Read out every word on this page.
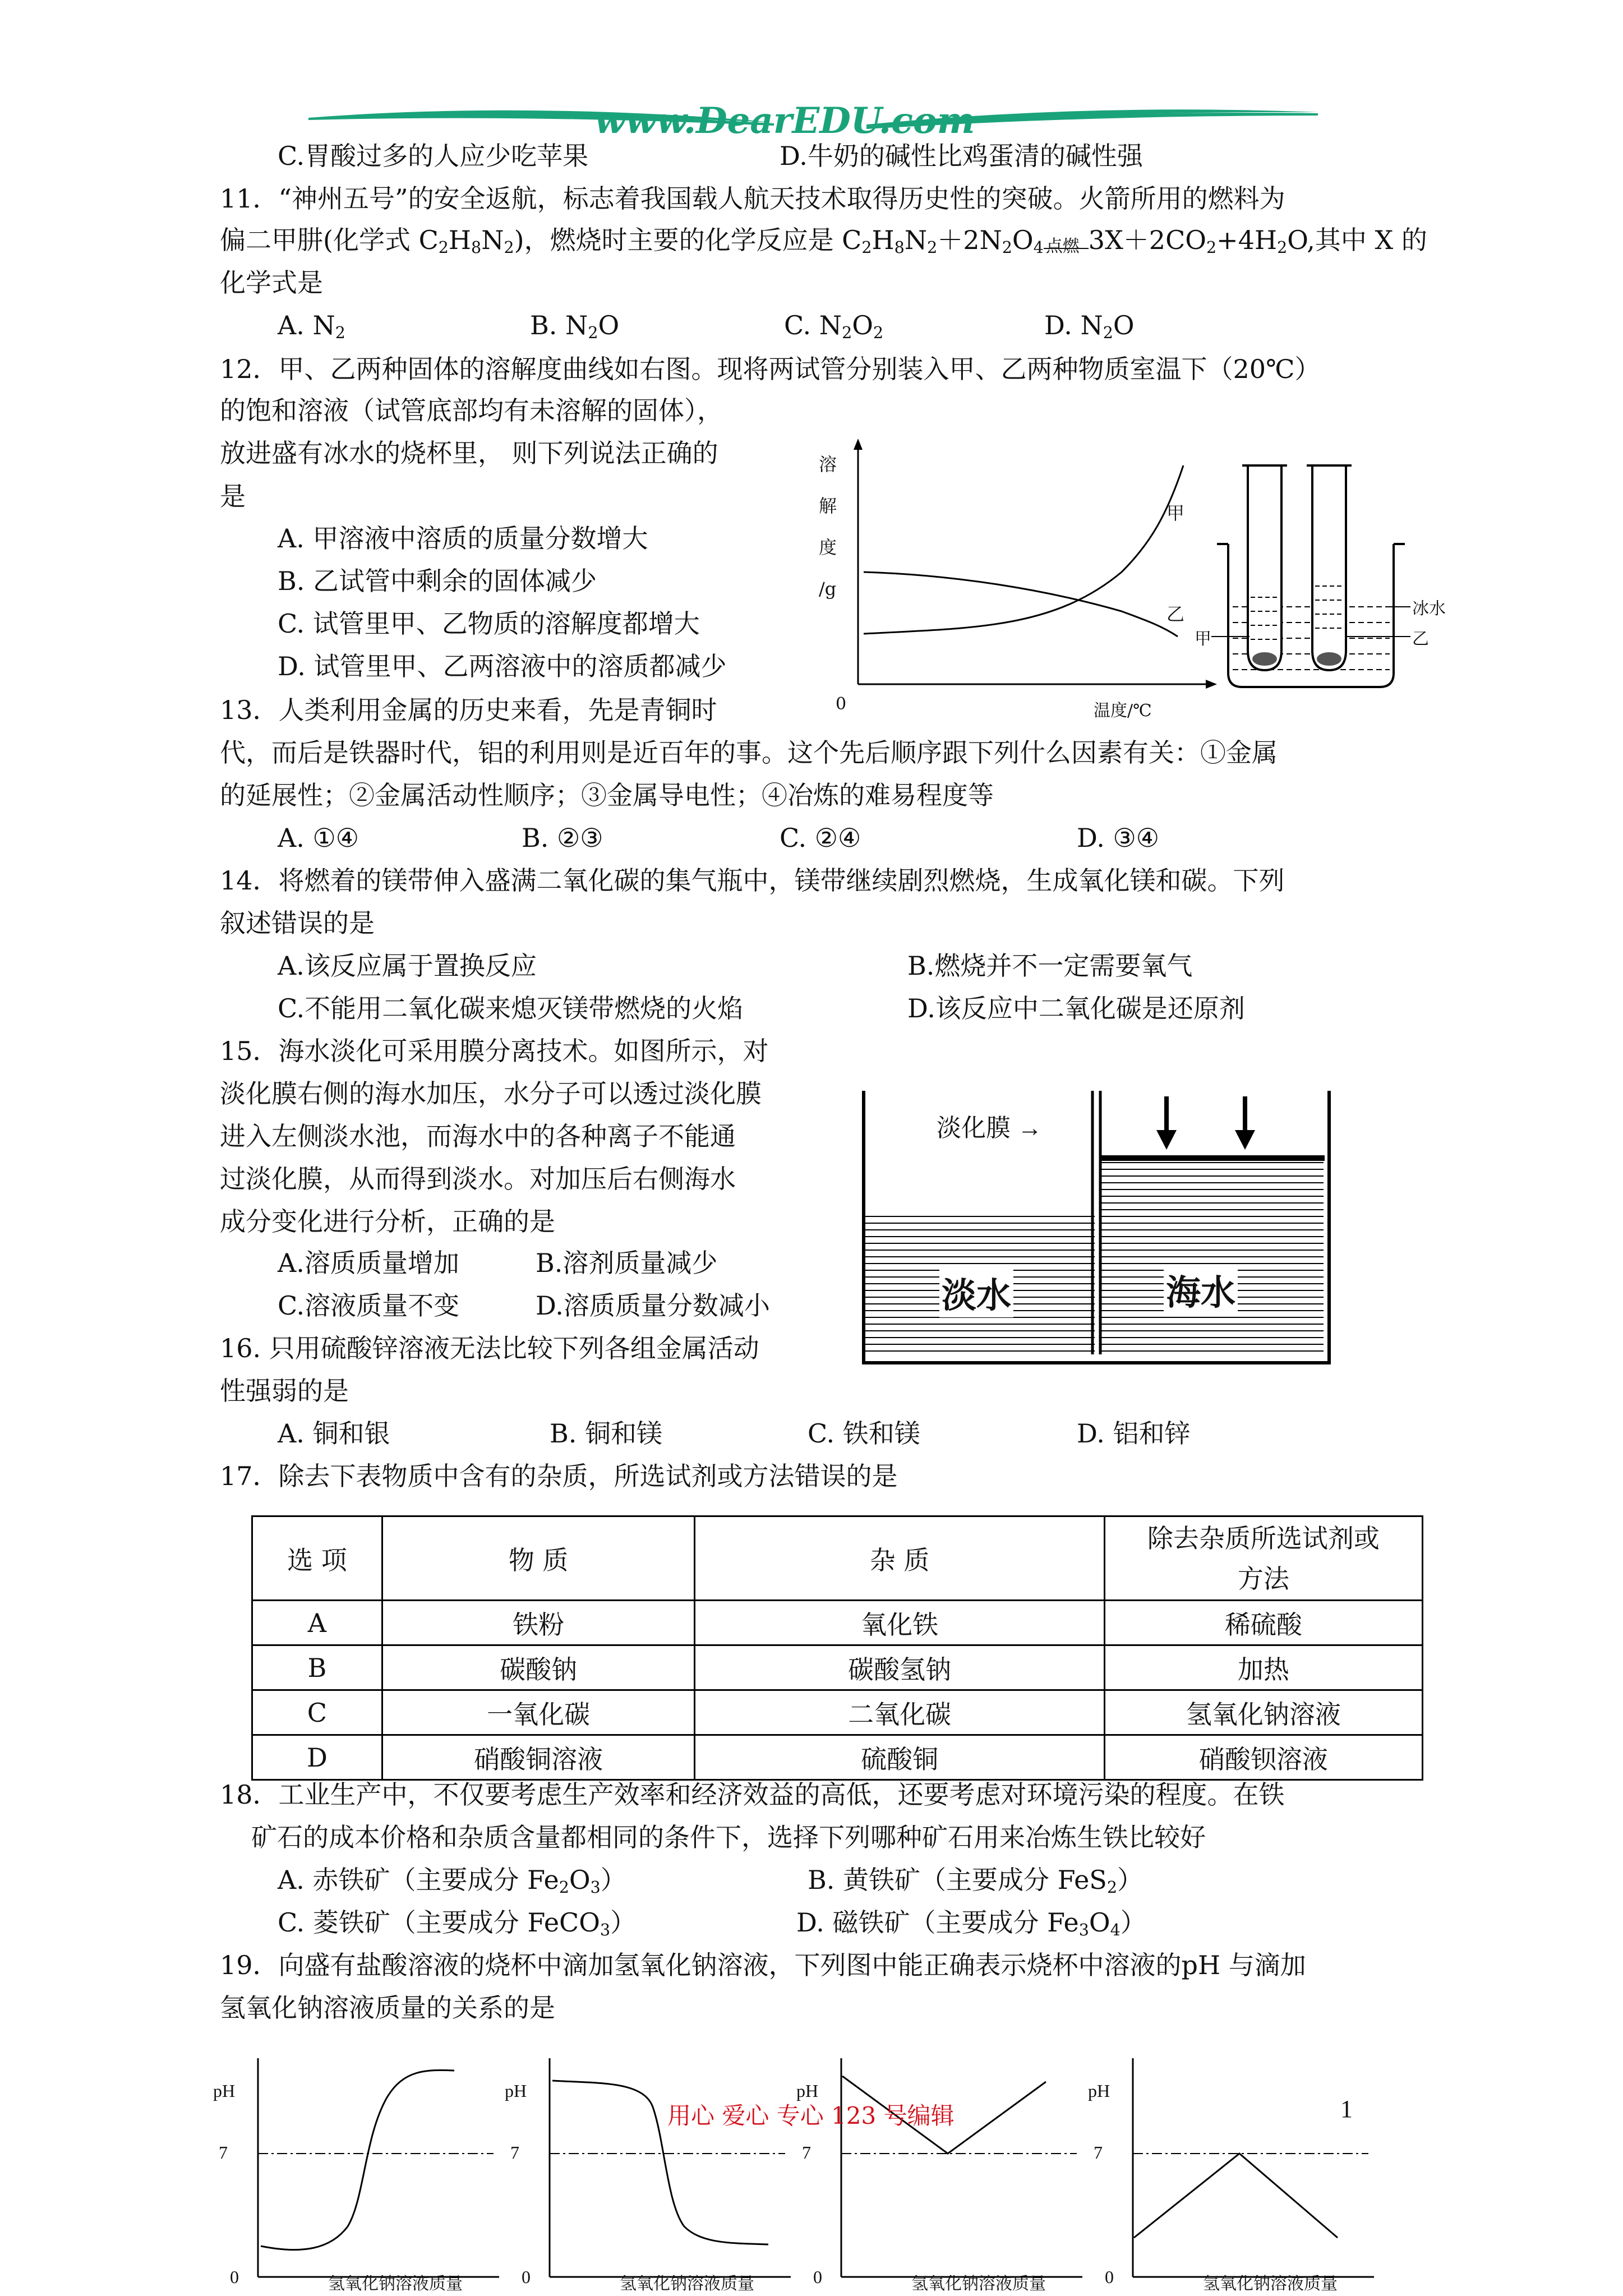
www.DearEDU.com
C.胃酸过多的人应少吃苹果	D.牛奶的碱性比鸡蛋清的碱性强
11．“神州五号”的安全返航，标志着我国载人航天技术取得历史性的突破。火箭所用的燃料为
偏二甲肼(化学式 $C_2H_8N_2$)，燃烧时主要的化学反应是 $C_2H_8N_2+2N_2O_4$ 点燃 $3X+2CO_2+4H_2O$,其中 X 的
化学式是
A. $N_2$	B. $N_2O$	C. $N_2O_2$	D. $N_2O$
12．甲、乙两种固体的溶解度曲线如右图。现将两试管分别装入甲、乙两种物质室温下（20℃）
的饱和溶液（试管底部均有未溶解的固体），
放进盛有冰水的烧杯里， 则下列说法正确的
是
A. 甲溶液中溶质的质量分数增大
B. 乙试管中剩余的固体减少
C. 试管里甲、乙物质的溶解度都增大
D. 试管里甲、乙两溶液中的溶质都减少
溶
解
度
/g
0	温度/℃
甲
乙	冰水
乙
甲
13．人类利用金属的历史来看，先是青铜时
代，而后是铁器时代，铝的利用则是近百年的事。这个先后顺序跟下列什么因素有关：①金属
的延展性；②金属活动性顺序；③金属导电性；④冶炼的难易程度等
A. ①④	B. ②③	C. ②④	D. ③④
14．将燃着的镁带伸入盛满二氧化碳的集气瓶中，镁带继续剧烈燃烧，生成氧化镁和碳。下列
叙述错误的是
A.该反应属于置换反应	B.燃烧并不一定需要氧气
C.不能用二氧化碳来熄灭镁带燃烧的火焰	D.该反应中二氧化碳是还原剂
15．海水淡化可采用膜分离技术。如图所示，对
淡化膜右侧的海水加压，水分子可以透过淡化膜
进入左侧淡水池，而海水中的各种离子不能通
过淡化膜，从而得到淡水。对加压后右侧海水
成分变化进行分析，正确的是
A.溶质质量增加	B.溶剂质量减少
C.溶液质量不变	D.溶质质量分数减小
淡化膜 →
淡水	海水
16. 只用硫酸锌溶液无法比较下列各组金属活动
性强弱的是
A. 铜和银	B. 铜和镁	C. 铁和镁	D. 铝和锌
17．除去下表物质中含有的杂质，所选试剂或方法错误的是
选 项	物 质	杂 质	除去杂质所选试剂或
方法

A	铁粉	氧化铁	稀硫酸
B	碳酸钠	碳酸氢钠	加热
C	一氧化碳	二氧化碳	氢氧化钠溶液
D	硝酸铜溶液	硫酸铜	硝酸钡溶液
18．工业生产中，不仅要考虑生产效率和经济效益的高低，还要考虑对环境污染的程度。在铁
矿石的成本价格和杂质含量都相同的条件下，选择下列哪种矿石用来冶炼生铁比较好
A. 赤铁矿（主要成分 $Fe_2O_3$）	B. 黄铁矿（主要成分 FeS$_2$）
C. 菱铁矿（主要成分 FeCO$_3$）	D. 磁铁矿（主要成分 $Fe_3O_4$）
19．向盛有盐酸溶液的烧杯中滴加氢氧化钠溶液，下列图中能正确表示烧杯中溶液的pH 与滴加
氢氧化钠溶液质量的关系的是
pH
7
0	氢氧化钠溶液质量
pH
7
0	氢氧化钠溶液质量
pH
7
0	氢氧化钠溶液质量
pH
7
0	氢氧化钠溶液质量
用心 爱心 专心 123 号编辑	1
